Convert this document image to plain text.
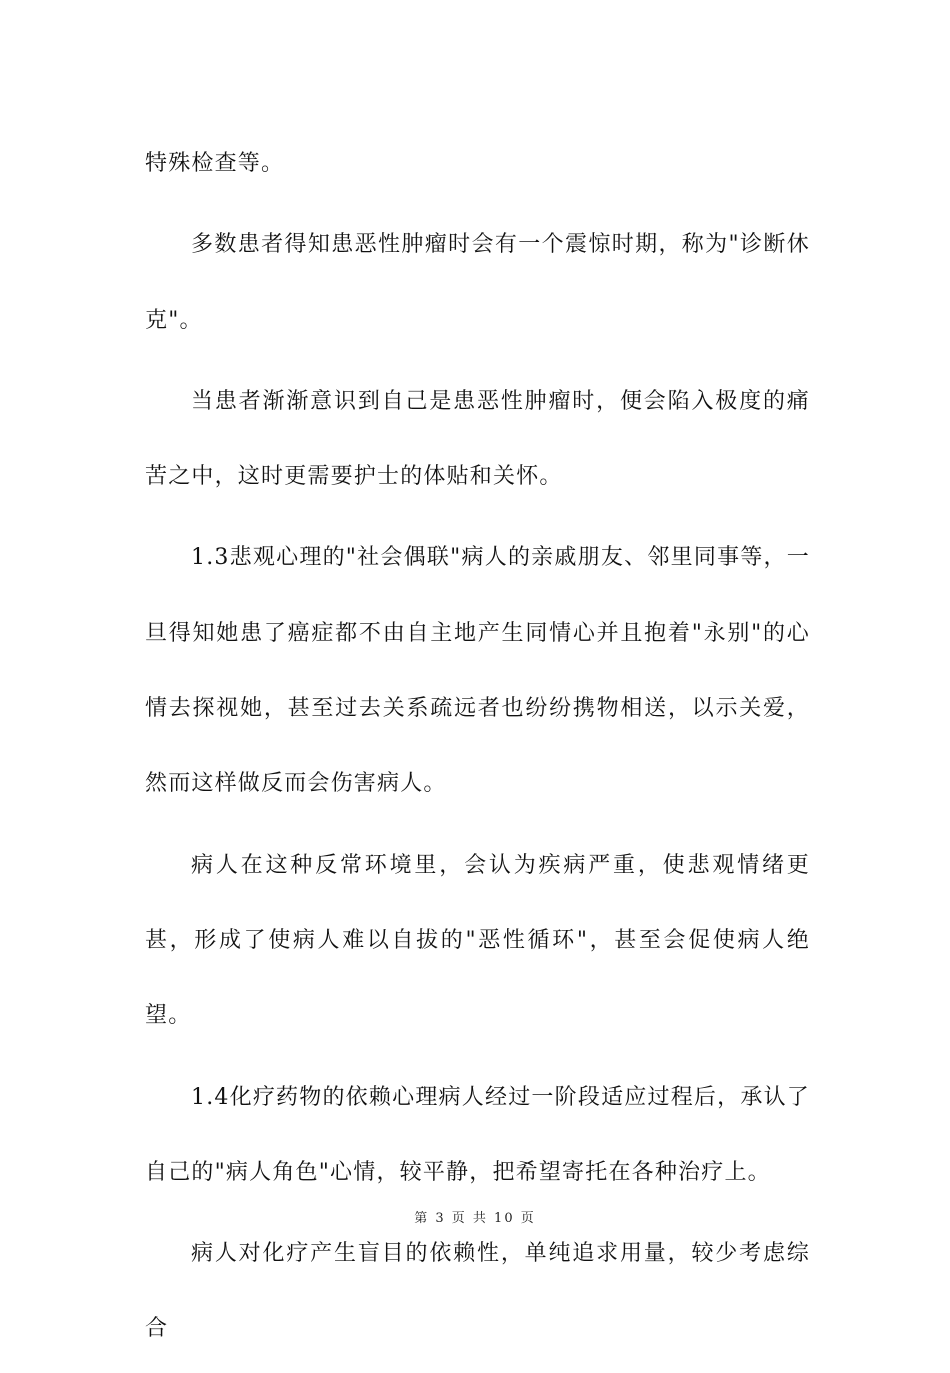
特殊检查等。

多数患者得知患恶性肿瘤时会有一个震惊时期，称为"诊断休克"。

当患者渐渐意识到自己是患恶性肿瘤时，便会陷入极度的痛苦之中，这时更需要护士的体贴和关怀。

1.3悲观心理的"社会偶联"病人的亲戚朋友、邻里同事等，一旦得知她患了癌症都不由自主地产生同情心并且抱着"永别"的心情去探视她，甚至过去关系疏远者也纷纷携物相送，以示关爱，然而这样做反而会伤害病人。

病人在这种反常环境里，会认为疾病严重，使悲观情绪更甚，形成了使病人难以自拔的"恶性循环"，甚至会促使病人绝望。

1.4化疗药物的依赖心理病人经过一阶段适应过程后，承认了自己的"病人角色"心情，较平静，把希望寄托在各种治疗上。

病人对化疗产生盲目的依赖性，单纯追求用量，较少考虑综合

第 3 页 共 10 页
